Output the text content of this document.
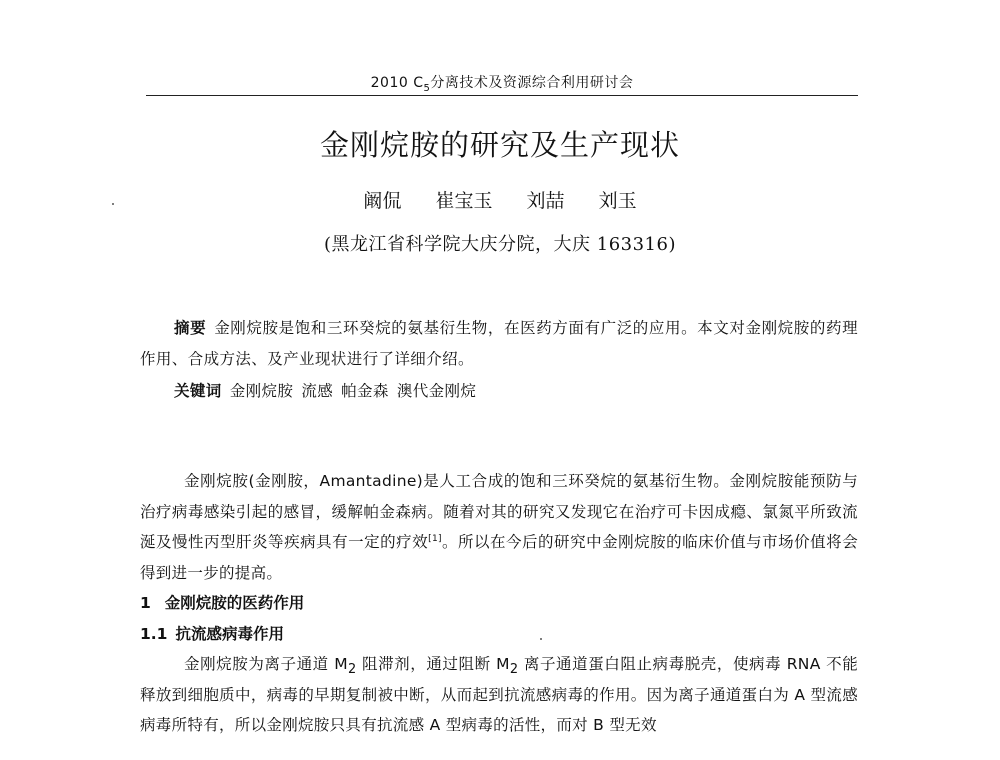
2010 $C_5$分离技术及资源综合利用研讨会
金刚烷胺的研究及生产现状
阚侃 崔宝玉 刘喆 刘玉
(黑龙江省科学院大庆分院，大庆 163316)

摘要 金刚烷胺是饱和三环癸烷的氨基衍生物，在医药方面有广泛的应用。本文对金刚烷胺的药理作用、合成方法、及产业现状进行了详细介绍。

关键词 金刚烷胺 流感 帕金森 澳代金刚烷

金刚烷胺(金刚胺，Amantadine)是人工合成的饱和三环癸烷的氨基衍生物。金刚烷胺能预防与治疗病毒感染引起的感冒，缓解帕金森病。随着对其的研究又发现它在治疗可卡因成瘾、氯氮平所致流涎及慢性丙型肝炎等疾病具有一定的疗效[1]。所以在今后的研究中金刚烷胺的临床价值与市场价值将会得到进一步的提高。

1 金刚烷胺的医药作用

1.1 抗流感病毒作用

金刚烷胺为离子通道 $M_2$ 阻滞剂，通过阻断 $M_2$ 离子通道蛋白阻止病毒脱壳，使病毒 RNA 不能释放到细胞质中，病毒的早期复制被中断，从而起到抗流感病毒的作用。因为离子通道蛋白为 A 型流感病毒所特有，所以金刚烷胺只具有抗流感 A 型病毒的活性，而对 B 型无效
